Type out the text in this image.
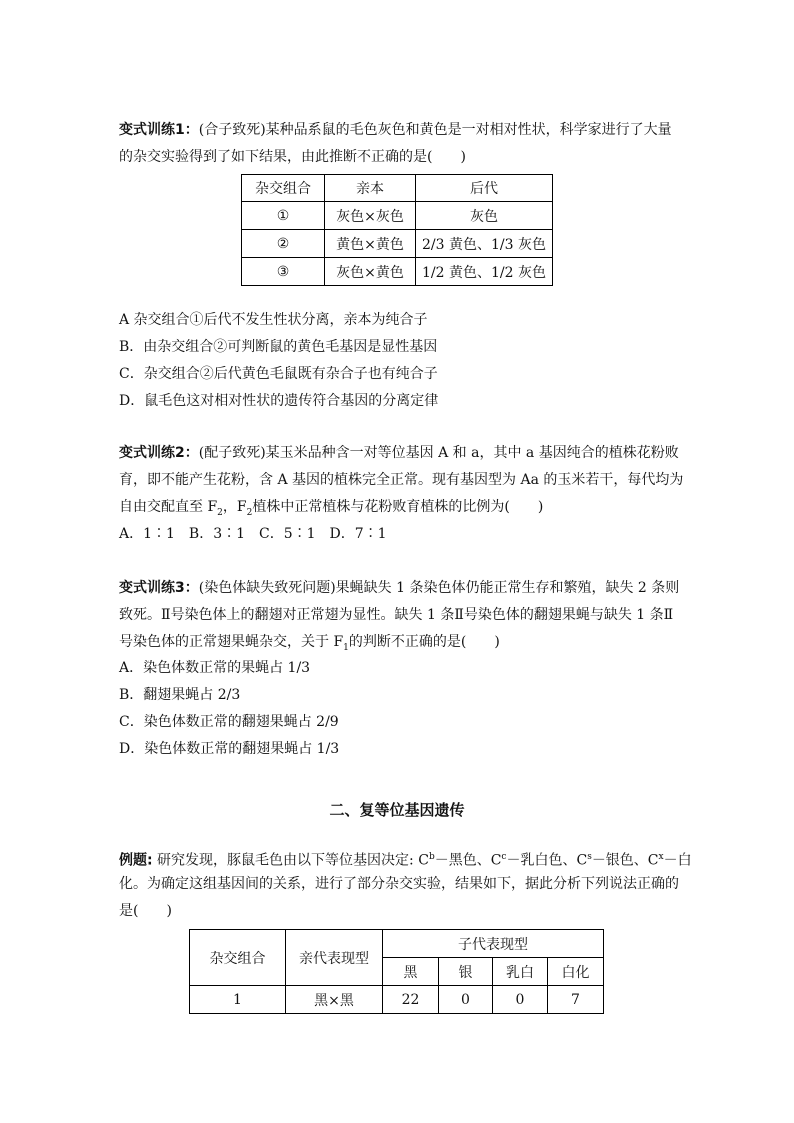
变式训练1：(合子致死)某种品系鼠的毛色灰色和黄色是一对相对性状，科学家进行了大量
的杂交实验得到了如下结果，由此推断不正确的是(　　)
杂交组合	亲本	后代
①	灰色×灰色	灰色
②	黄色×黄色	2/3 黄色、1/3 灰色
③	灰色×黄色	1/2 黄色、1/2 灰色
A 杂交组合①后代不发生性状分离，亲本为纯合子
B．由杂交组合②可判断鼠的黄色毛基因是显性基因
C．杂交组合②后代黄色毛鼠既有杂合子也有纯合子
D．鼠毛色这对相对性状的遗传符合基因的分离定律
变式训练2：(配子致死)某玉米品种含一对等位基因 A 和 a，其中 a 基因纯合的植株花粉败
育，即不能产生花粉，含 A 基因的植株完全正常。现有基因型为 Aa 的玉米若干，每代均为
自由交配直至 $F_2$，$F_2$植株中正常植株与花粉败育植株的比例为(　　)
A．1∶1　B．3∶1　C．5∶1　D．7∶1
变式训练3：(染色体缺失致死问题)果蝇缺失 1 条染色体仍能正常生存和繁殖，缺失 2 条则
致死。Ⅱ号染色体上的翻翅对正常翅为显性。缺失 1 条Ⅱ号染色体的翻翅果蝇与缺失 1 条Ⅱ
号染色体的正常翅果蝇杂交，关于 $F_1$的判断不正确的是(　　)
A．染色体数正常的果蝇占 1/3
B．翻翅果蝇占 2/3
C．染色体数正常的翻翅果蝇占 2/9
D．染色体数正常的翻翅果蝇占 1/3
二、复等位基因遗传
例题: 研究发现，豚鼠毛色由以下等位基因决定: $C^b-$黑色、$C^c-$乳白色、$C^s-$银色、$C^x-$白
化。为确定这组基因间的关系，进行了部分杂交实验，结果如下，据此分析下列说法正确的
是(　　)
杂交组合	亲代表现型	子代表现型			
		黑	银	乳白	白化
1	黑×黑	22	0	0	7
